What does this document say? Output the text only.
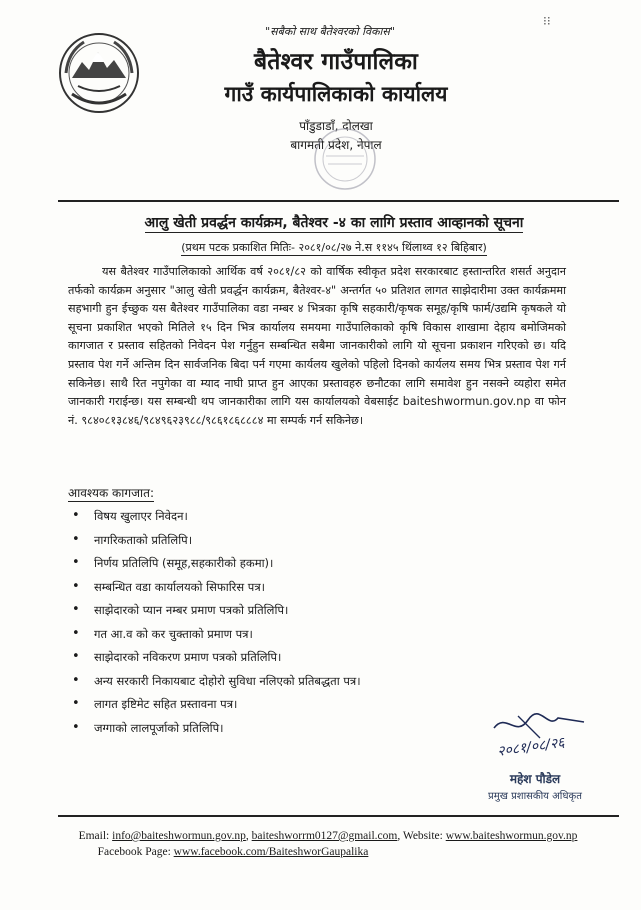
"सबैको साथ बैतेश्वरको विकास"
⁝⁝
बैतेश्वर गाउँपालिका
गाउँ कार्यपालिकाको कार्यालय
पाँडुडाडाँ, दोलखा
बागमती प्रदेश, नेपाल
आलु खेती प्रवर्द्धन कार्यक्रम, बैतेश्वर -४ का लागि प्रस्ताव आव्हानको सूचना
(प्रथम पटक प्रकाशित मितिः- २०८१/०८/२७ ने.स ११४५ थिंलाथ्व १२ बिहिबार)
यस बैतेश्वर गाउँपालिकाको आर्थिक वर्ष २०८१/८२ को वार्षिक स्वीकृत प्रदेश सरकारबाट हस्तान्तरित शसर्त अनुदान तर्फको कार्यक्रम अनुसार "आलु खेती प्रवर्द्धन कार्यक्रम, बैतेश्वर-४" अन्तर्गत ५० प्रतिशत लागत साझेदारीमा उक्त कार्यक्रममा सहभागी हुन ईच्छुक यस बैतेश्वर गाउँपालिका वडा नम्बर ४ भित्रका कृषि सहकारी/कृषक समूह/कृषि फार्म/उद्यमि कृषकले यो सूचना प्रकाशित भएको मितिले १५ दिन भित्र कार्यालय समयमा गाउँपालिकाको कृषि विकास शाखामा देहाय बमोजिमको कागजात र प्रस्ताव सहितको निवेदन पेश गर्नुहुन सम्बन्धित सबैमा जानकारीको लागि यो सूचना प्रकाशन गरिएको छ। यदि प्रस्ताव पेश गर्ने अन्तिम दिन सार्वजनिक बिदा पर्न गएमा कार्यलय खुलेको पहिलो दिनको कार्यलय समय भित्र प्रस्ताव पेश गर्न सकिनेछ। साथै रित नपुगेका वा म्याद नाघी प्राप्त हुन आएका प्रस्तावहरु छनौटका लागि समावेश हुन नसक्ने व्यहोरा समेत जानकारी गराईन्छ। यस सम्बन्धी थप जानकारीका लागि यस कार्यालयको वेबसाईट baiteshwormun.gov.np वा फोन नं. ९८४०८१३८४६/९८४९६२३९८८/९८६१८६८८८४ मा सम्पर्क गर्न सकिनेछ।
आवश्यक कागजात:
• विषय खुलाएर निवेदन।
• नागरिकताको प्रतिलिपि।
• निर्णय प्रतिलिपि (समूह,सहकारीको हकमा)।
• सम्बन्धित वडा कार्यालयको सिफारिस पत्र।
• साझेदारको प्यान नम्बर प्रमाण पत्रको प्रतिलिपि।
• गत आ.व को कर चुक्ताको प्रमाण पत्र।
• साझेदारको नविकरण प्रमाण पत्रको प्रतिलिपि।
• अन्य सरकारी निकायबाट दोहोरो सुविधा नलिएको प्रतिबद्धता पत्र।
• लागत इष्टिमेट सहित प्रस्तावना पत्र।
• जग्गाको लालपूर्जाको प्रतिलिपि।
२०८१/०८/२६
महेश पौडेल
प्रमुख प्रशासकीय अधिकृत
Email: info@baiteshwormun.gov.np, baiteshworrm0127@gmail.com, Website: www.baiteshwormun.gov.np
Facebook Page: www.facebook.com/BaiteshworGaupalika
